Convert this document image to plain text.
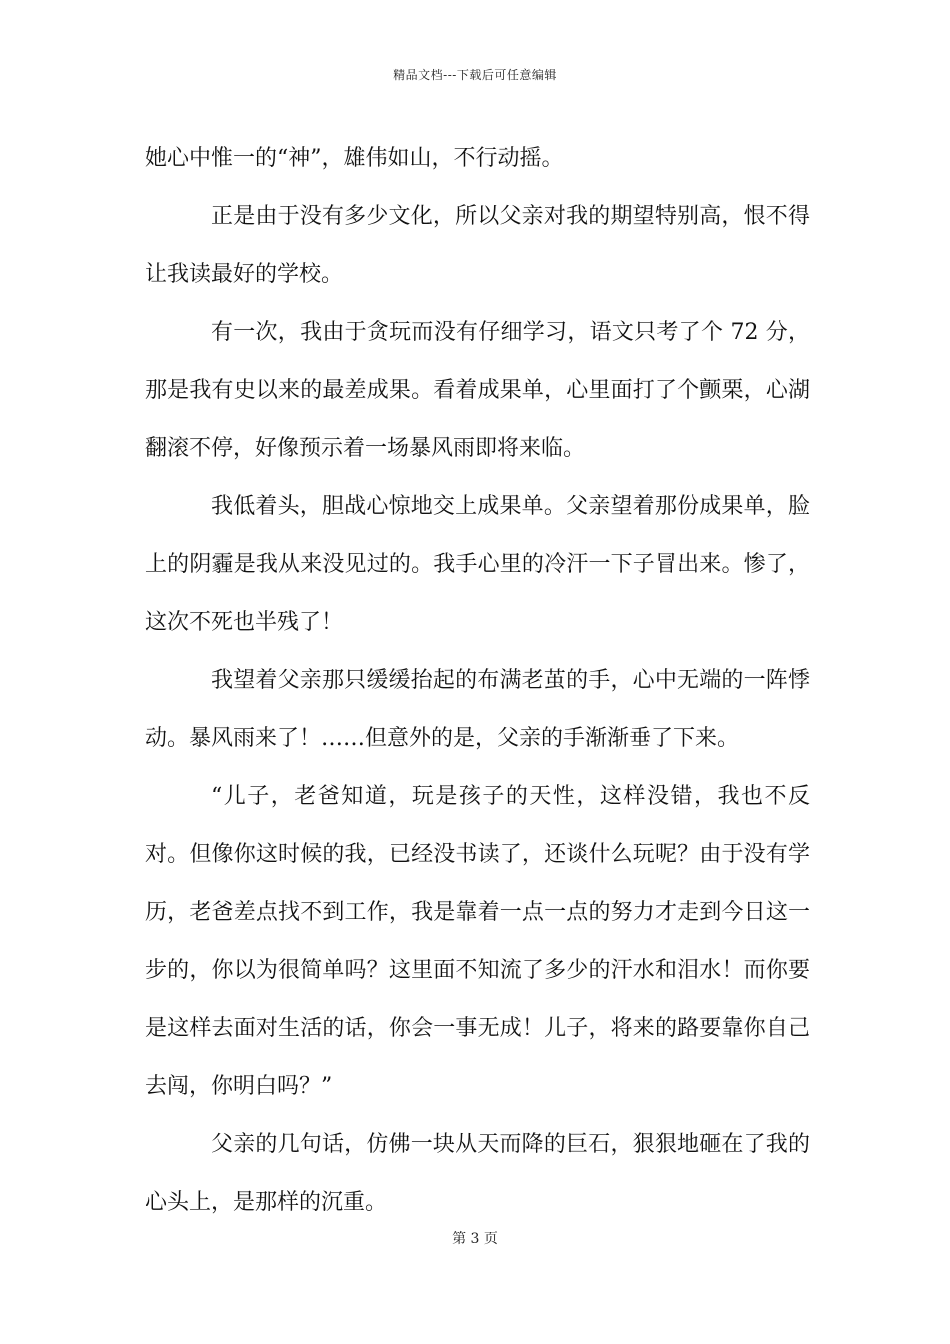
精品文档---下载后可任意编辑

她心中惟一的“神”，雄伟如山，不行动摇。

正是由于没有多少文化，所以父亲对我的期望特别高，恨不得让我读最好的学校。

有一次，我由于贪玩而没有仔细学习，语文只考了个 72 分，那是我有史以来的最差成果。看着成果单，心里面打了个颤栗，心湖翻滚不停，好像预示着一场暴风雨即将来临。

我低着头，胆战心惊地交上成果单。父亲望着那份成果单，脸上的阴霾是我从来没见过的。我手心里的冷汗一下子冒出来。惨了，这次不死也半残了！

我望着父亲那只缓缓抬起的布满老茧的手，心中无端的一阵悸动。暴风雨来了！……但意外的是，父亲的手渐渐垂了下来。

“儿子，老爸知道，玩是孩子的天性，这样没错，我也不反对。但像你这时候的我，已经没书读了，还谈什么玩呢？由于没有学历，老爸差点找不到工作，我是靠着一点一点的努力才走到今日这一步的，你以为很简单吗？这里面不知流了多少的汗水和泪水！而你要是这样去面对生活的话，你会一事无成！儿子，将来的路要靠你自己去闯，你明白吗？”

父亲的几句话，仿佛一块从天而降的巨石，狠狠地砸在了我的心头上，是那样的沉重。

第 3 页
